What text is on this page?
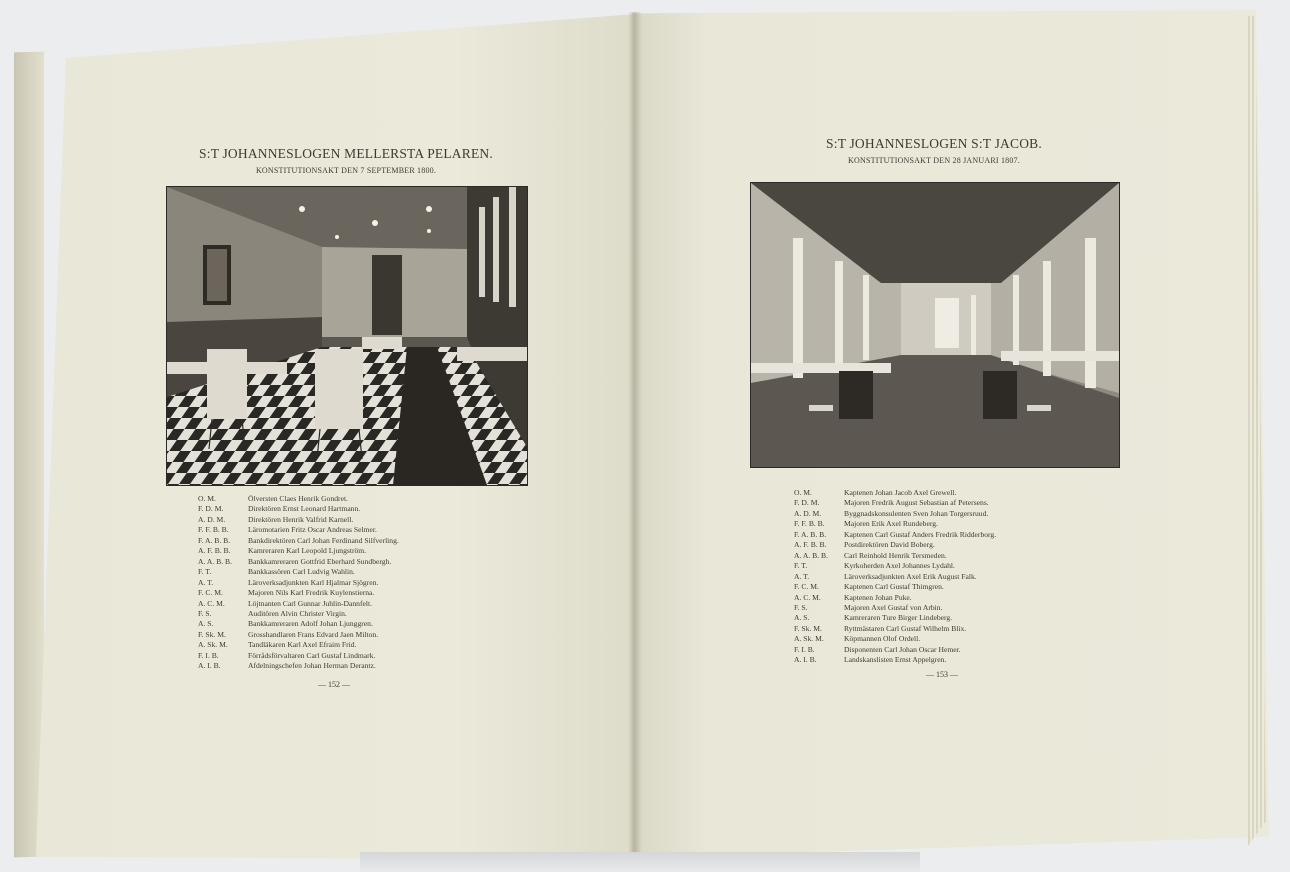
S:T JOHANNESLOGEN MELLERSTA PELAREN.
KONSTITUTIONSAKT DEN 7 SEPTEMBER 1800.
O. M.	Ölversten Claes Henrik Gondret.
F. D. M.	Direktören Ernst Leonard Hartmann.
A. D. M.	Direktören Henrik Valfrid Karnell.
F. F. B. B.	Läromotarien Fritz Oscar Andreas Selmer.
F. A. B. B.	Bankdirektören Carl Johan Ferdinand Silfverling.
A. F. B. B.	Kamreraren Karl Leopold Ljungström.
A. A. B. B.	Bankkamreraren Gottfrid Eberhard Sundbergh.
F. T.	Bankkassören Carl Ludvig Wahlin.
A. T.	Läroverksadjunkten Karl Hjalmar Sjögren.
F. C. M.	Majoren Nils Karl Fredrik Kuylenstierna.
A. C. M.	Löjtnanten Carl Gunnar Juhlin-Dannfelt.
F. S.	Auditören Alvin Christer Virgin.
A. S.	Bankkamreraren Adolf Johan Ljunggren.
F. Sk. M.	Grosshandlaren Frans Edvard Jaen Milton.
A. Sk. M.	Tandläkaren Karl Axel Efraim Frid.
F. I. B.	Förrådsförvaltaren Carl Gustaf Lindmark.
A. I. B.	Afdelningschefen Johan Herman Derantz.
— 152 —
S:T JOHANNESLOGEN S:T JACOB.
KONSTITUTIONSAKT DEN 28 JANUARI 1807.
O. M.	Kaptenen Johan Jacob Axel Grewell.
F. D. M.	Majoren Fredrik August Sebastian af Petersens.
A. D. M.	Byggnadskonsulenten Sven Johan Torgersruud.
F. F. B. B.	Majoren Erik Axel Rundeberg.
F. A. B. B.	Kaptenen Carl Gustaf Anders Fredrik Ridderborg.
A. F. B. B.	Postdirektören David Boberg.
A. A. B. B.	Carl Reinhold Henrik Tersmeden.
F. T.	Kyrkoherden Axel Johannes Lydahl.
A. T.	Läroverksadjunkten Axel Erik August Falk.
F. C. M.	Kaptenen Carl Gustaf Thimgren.
A. C. M.	Kaptenen Johan Puke.
F. S.	Majoren Axel Gustaf von Arbin.
A. S.	Kamreraren Ture Birger Lindeberg.
F. Sk. M.	Ryttmästaren Carl Gustaf Wilhelm Blix.
A. Sk. M.	Köpmannen Olof Ordell.
F. I. B.	Disponenten Carl Johan Oscar Hemer.
A. I. B.	Landskanslisten Ernst Appelgren.
— 153 —
